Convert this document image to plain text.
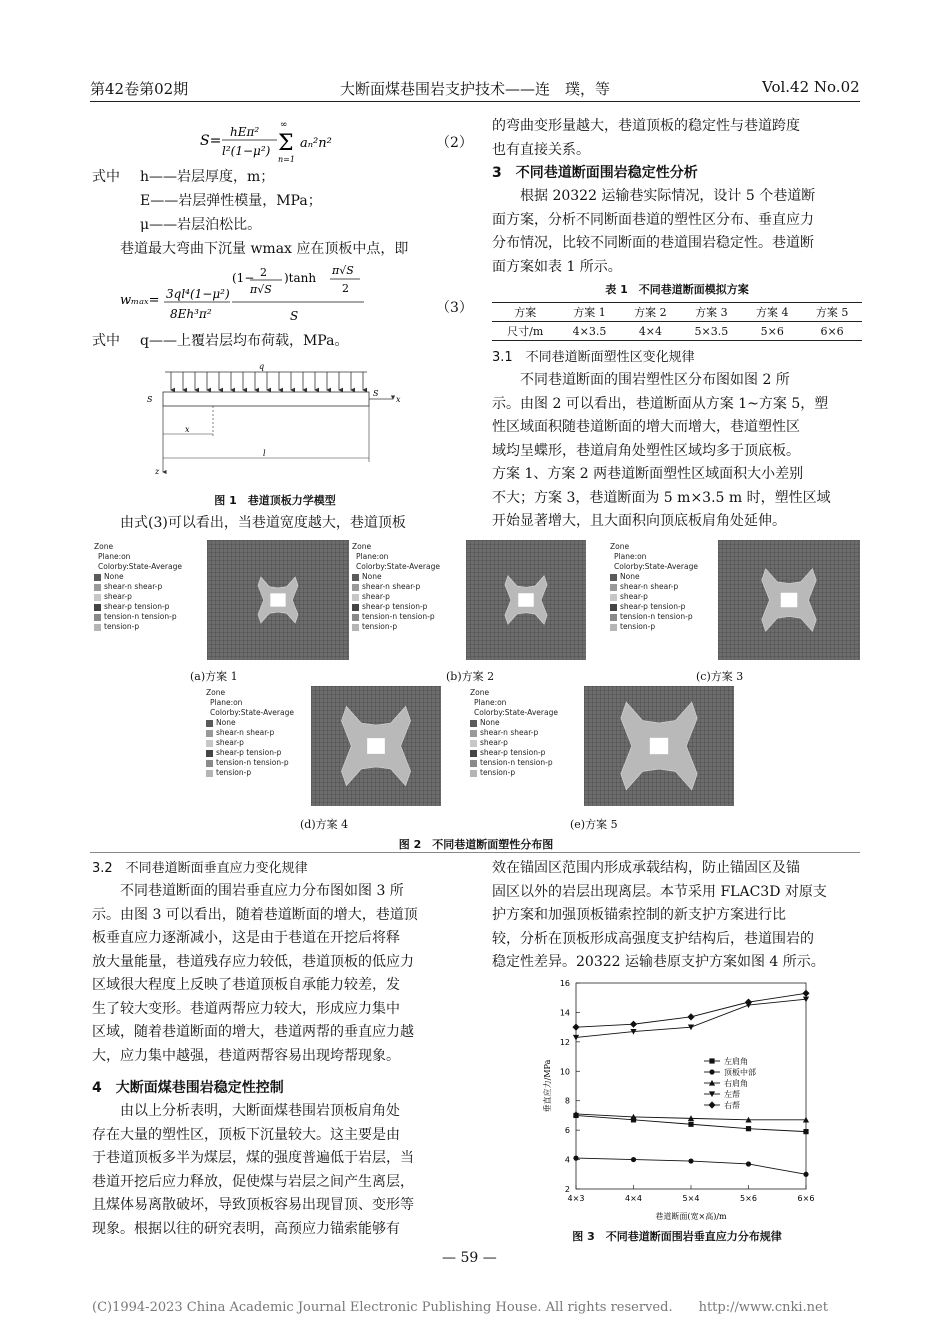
第42卷第02期	大断面煤巷围岩支护技术——连　璞，等	Vol.42 No.02
S=
hEπ²
l²(1−μ²)
∞
Σ
n=1
aₙ²n²	（2）
式中 h——岩层厚度，m；
E——岩层弹性模量，MPa；
μ——岩层泊松比。
巷道最大弯曲下沉量 wmax 应在顶板中点，即
wₘₐₓ= 3ql⁴(1−μ²)
8Eh³π²
(1− 2
π√S
)tanh
π√S
2
S	（3）
式中 q——上覆岩层均布荷载，MPa。
S
q
S
x
x
l
z
图 1　巷道顶板力学模型
由式(3)可以看出，当巷道宽度越大，巷道顶板
的弯曲变形量越大，巷道顶板的稳定性与巷道跨度
也有直接关系。
3　不同巷道断面围岩稳定性分析
根据 20322 运输巷实际情况，设计 5 个巷道断
面方案，分析不同断面巷道的塑性区分布、垂直应力
分布情况，比较不同断面的巷道围岩稳定性。巷道断
面方案如表 1 所示。
表 1　不同巷道断面模拟方案
方案	方案 1	方案 2	方案 3	方案 4	方案 5
尺寸/m	4×3.5	4×4	5×3.5	5×6	6×6
3.1　不同巷道断面塑性区变化规律
不同巷道断面的围岩塑性区分布图如图 2 所
示。由图 2 可以看出，巷道断面从方案 1~方案 5，塑
性区域面积随巷道断面的增大而增大，巷道塑性区
域均呈蝶形，巷道肩角处塑性区域均多于顶底板。
方案 1、方案 2 两巷道断面塑性区域面积大小差别
不大；方案 3，巷道断面为 5 m×3.5 m 时，塑性区域
开始显著增大，且大面积向顶底板肩角处延伸。
Zone
Plane:on
Colorby:State-Average
None
shear-n shear-p
shear-p
shear-p tension-p
tension-n tension-p
tension-p
(a)方案 1
Zone
Plane:on
Colorby:State-Average
None
shear-n shear-p
shear-p
shear-p tension-p
tension-n tension-p
tension-p
(b)方案 2
Zone
Plane:on
Colorby:State-Average
None
shear-n shear-p
shear-p
shear-p tension-p
tension-n tension-p
tension-p
(c)方案 3
Zone
Plane:on
Colorby:State-Average
None
shear-n shear-p
shear-p
shear-p tension-p
tension-n tension-p
tension-p
(d)方案 4
Zone
Plane:on
Colorby:State-Average
None
shear-n shear-p
shear-p
shear-p tension-p
tension-n tension-p
tension-p
(e)方案 5
图 2　不同巷道断面塑性分布图
3.2　不同巷道断面垂直应力变化规律
不同巷道断面的围岩垂直应力分布图如图 3 所
示。由图 3 可以看出，随着巷道断面的增大，巷道顶
板垂直应力逐渐减小，这是由于巷道在开挖后将释
放大量能量，巷道残存应力较低，巷道顶板的低应力
区域很大程度上反映了巷道顶板自承能力较差，发
生了较大变形。巷道两帮应力较大，形成应力集中
区域，随着巷道断面的增大，巷道两帮的垂直应力越
大，应力集中越强，巷道两帮容易出现垮帮现象。
4　大断面煤巷围岩稳定性控制
由以上分析表明，大断面煤巷围岩顶板肩角处
存在大量的塑性区，顶板下沉量较大。这主要是由
于巷道顶板多半为煤层，煤的强度普遍低于岩层，当
巷道开挖后应力释放，促使煤与岩层之间产生离层，
且煤体易离散破坏，导致顶板容易出现冒顶、变形等
现象。根据以往的研究表明，高预应力锚索能够有
效在锚固区范围内形成承载结构，防止锚固区及锚
固区以外的岩层出现离层。本节采用 FLAC3D 对原支
护方案和加强顶板锚索控制的新支护方案进行比
较，分析在顶板形成高强度支护结构后，巷道围岩的
稳定性差异。20322 运输巷原支护方案如图 4 所示。
2
4
6
8
10
12
14
16
4×3	4×4	5×4	5×6	6×6
巷道断面(宽×高)/m
垂直应力/MPa	左肩角
顶板中部
右肩角
左帮
右帮
图 3　不同巷道断面围岩垂直应力分布规律
— 59 —
(C)1994-2023 China Academic Journal Electronic Publishing House. All rights reserved.　　http://www.cnki.net
